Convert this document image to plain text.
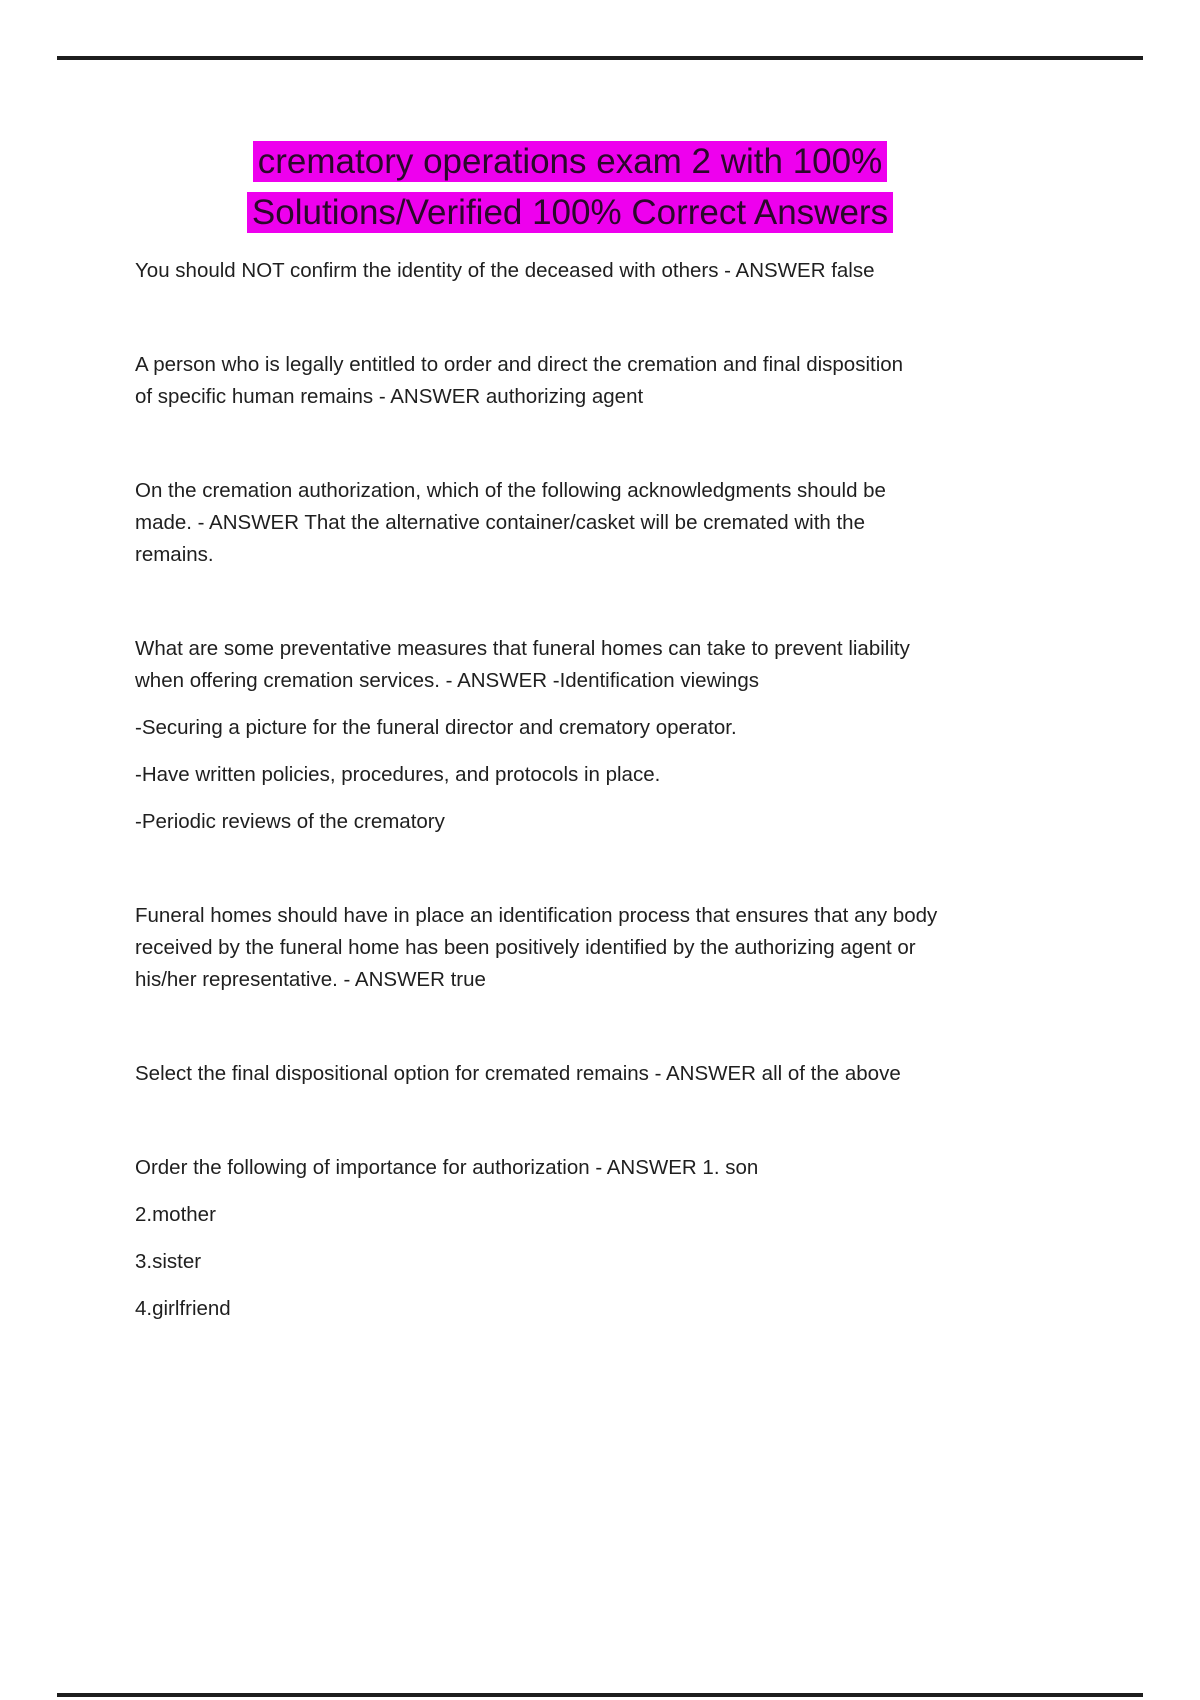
crematory operations exam 2 with 100%
Solutions/Verified 100% Correct Answers
You should NOT confirm the identity of the deceased with others - ANSWER false
A person who is legally entitled to order and direct the cremation and final disposition
of specific human remains - ANSWER authorizing agent
On the cremation authorization, which of the following acknowledgments should be
made. - ANSWER That the alternative container/casket will be cremated with the
remains.
What are some preventative measures that funeral homes can take to prevent liability
when offering cremation services. - ANSWER -Identification viewings
-Securing a picture for the funeral director and crematory operator.
-Have written policies, procedures, and protocols in place.
-Periodic reviews of the crematory
Funeral homes should have in place an identification process that ensures that any body
received by the funeral home has been positively identified by the authorizing agent or
his/her representative. - ANSWER true
Select the final dispositional option for cremated remains - ANSWER all of the above
Order the following of importance for authorization - ANSWER 1. son
2.mother
3.sister
4.girlfriend
